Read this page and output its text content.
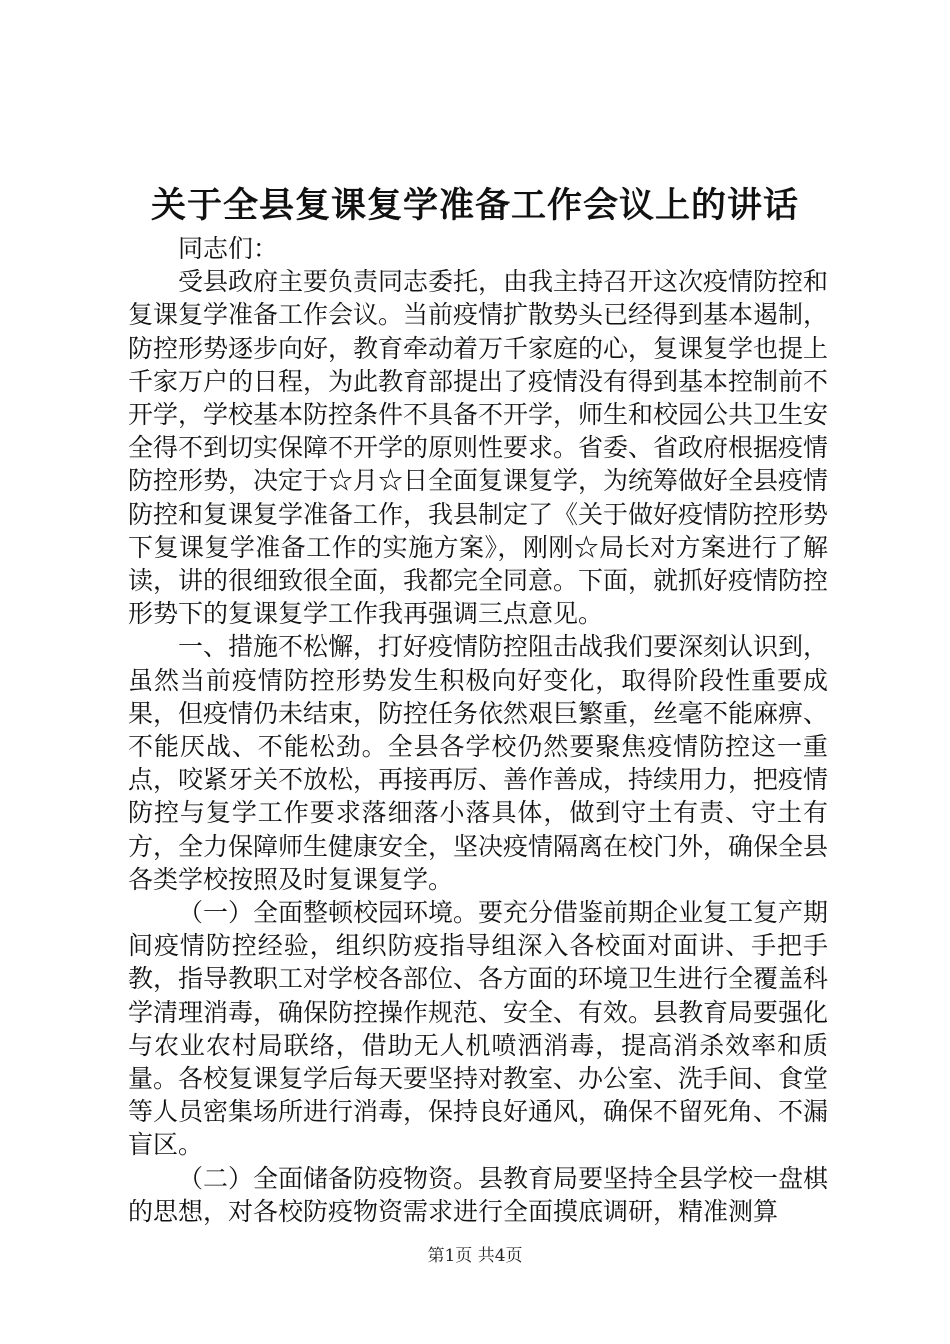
关于全县复课复学准备工作会议上的讲话

同志们：

受县政府主要负责同志委托，由我主持召开这次疫情防控和复课复学准备工作会议。当前疫情扩散势头已经得到基本遏制，防控形势逐步向好，教育牵动着万千家庭的心，复课复学也提上千家万户的日程，为此教育部提出了疫情没有得到基本控制前不开学，学校基本防控条件不具备不开学，师生和校园公共卫生安全得不到切实保障不开学的原则性要求。省委、省政府根据疫情防控形势，决定于☆月☆日全面复课复学，为统筹做好全县疫情防控和复课复学准备工作，我县制定了《关于做好疫情防控形势下复课复学准备工作的实施方案》，刚刚☆局长对方案进行了解读，讲的很细致很全面，我都完全同意。下面，就抓好疫情防控形势下的复课复学工作我再强调三点意见。

一、措施不松懈，打好疫情防控阻击战我们要深刻认识到，虽然当前疫情防控形势发生积极向好变化，取得阶段性重要成果，但疫情仍未结束，防控任务依然艰巨繁重，丝毫不能麻痹、不能厌战、不能松劲。全县各学校仍然要聚焦疫情防控这一重点，咬紧牙关不放松，再接再厉、善作善成，持续用力，把疫情防控与复学工作要求落细落小落具体，做到守土有责、守土有方，全力保障师生健康安全，坚决疫情隔离在校门外，确保全县各类学校按照及时复课复学。

（一）全面整顿校园环境。要充分借鉴前期企业复工复产期间疫情防控经验，组织防疫指导组深入各校面对面讲、手把手教，指导教职工对学校各部位、各方面的环境卫生进行全覆盖科学清理消毒，确保防控操作规范、安全、有效。县教育局要强化与农业农村局联络，借助无人机喷洒消毒，提高消杀效率和质量。各校复课复学后每天要坚持对教室、办公室、洗手间、食堂等人员密集场所进行消毒，保持良好通风，确保不留死角、不漏盲区。

（二）全面储备防疫物资。县教育局要坚持全县学校一盘棋的思想，对各校防疫物资需求进行全面摸底调研，精准测算

第1页 共4页
